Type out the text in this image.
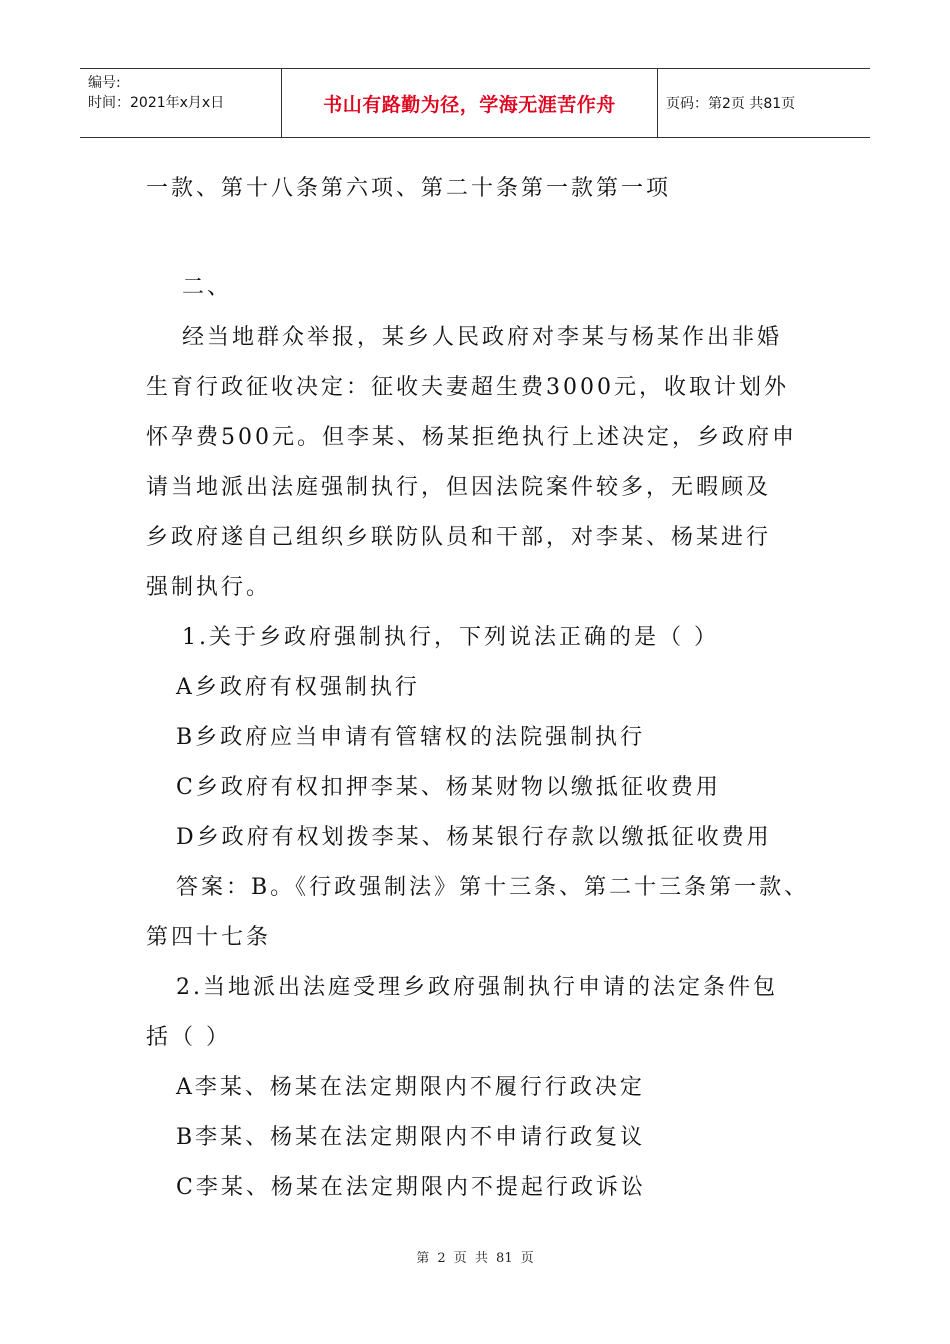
编号:
时间：2021年x月x日	书山有路勤为径，学海无涯苦作舟	页码：第2页 共81页
一款、第十八条第六项、第二十条第一款第一项
二、
经当地群众举报，某乡人民政府对李某与杨某作出非婚
生育行政征收决定：征收夫妻超生费3000元，收取计划外
怀孕费500元。但李某、杨某拒绝执行上述决定，乡政府申
请当地派出法庭强制执行，但因法院案件较多，无暇顾及
乡政府遂自己组织乡联防队员和干部，对李某、杨某进行
强制执行。
1.关于乡政府强制执行，下列说法正确的是（ ）
A乡政府有权强制执行
B乡政府应当申请有管辖权的法院强制执行
C乡政府有权扣押李某、杨某财物以缴抵征收费用
D乡政府有权划拨李某、杨某银行存款以缴抵征收费用
答案：B。《行政强制法》第十三条、第二十三条第一款、
第四十七条
2.当地派出法庭受理乡政府强制执行申请的法定条件包
括（ ）
A李某、杨某在法定期限内不履行行政决定
B李某、杨某在法定期限内不申请行政复议
C李某、杨某在法定期限内不提起行政诉讼
第 2 页 共 81 页
